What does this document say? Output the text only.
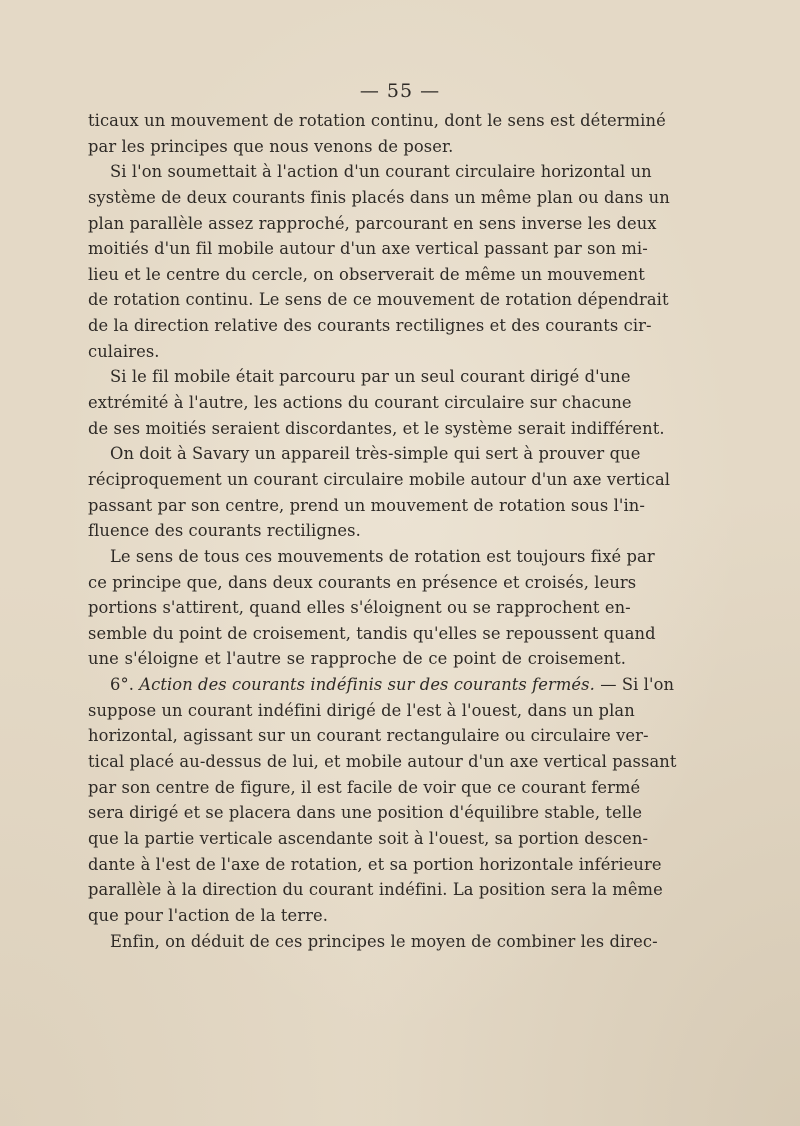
— 55 —
ticaux un mouvement de rotation continu, dont le sens est déterminé
par les principes que nous venons de poser.
Si l'on soumettait à l'action d'un courant circulaire horizontal un
système de deux courants finis placés dans un même plan ou dans un
plan parallèle assez rapproché, parcourant en sens inverse les deux
moitiés d'un fil mobile autour d'un axe vertical passant par son mi-
lieu et le centre du cercle, on observerait de même un mouvement
de rotation continu. Le sens de ce mouvement de rotation dépendrait
de la direction relative des courants rectilignes et des courants cir-
culaires.
Si le fil mobile était parcouru par un seul courant dirigé d'une
extrémité à l'autre, les actions du courant circulaire sur chacune
de ses moitiés seraient discordantes, et le système serait indifférent.
On doit à Savary un appareil très-simple qui sert à prouver que
réciproquement un courant circulaire mobile autour d'un axe vertical
passant par son centre, prend un mouvement de rotation sous l'in-
fluence des courants rectilignes.
Le sens de tous ces mouvements de rotation est toujours fixé par
ce principe que, dans deux courants en présence et croisés, leurs
portions s'attirent, quand elles s'éloignent ou se rapprochent en-
semble du point de croisement, tandis qu'elles se repoussent quand
une s'éloigne et l'autre se rapproche de ce point de croisement.
6°. Action des courants indéfinis sur des courants fermés. — Si l'on
suppose un courant indéfini dirigé de l'est à l'ouest, dans un plan
horizontal, agissant sur un courant rectangulaire ou circulaire ver-
tical placé au-dessus de lui, et mobile autour d'un axe vertical passant
par son centre de figure, il est facile de voir que ce courant fermé
sera dirigé et se placera dans une position d'équilibre stable, telle
que la partie verticale ascendante soit à l'ouest, sa portion descen-
dante à l'est de l'axe de rotation, et sa portion horizontale inférieure
parallèle à la direction du courant indéfini. La position sera la même
que pour l'action de la terre.
Enfin, on déduit de ces principes le moyen de combiner les direc-
